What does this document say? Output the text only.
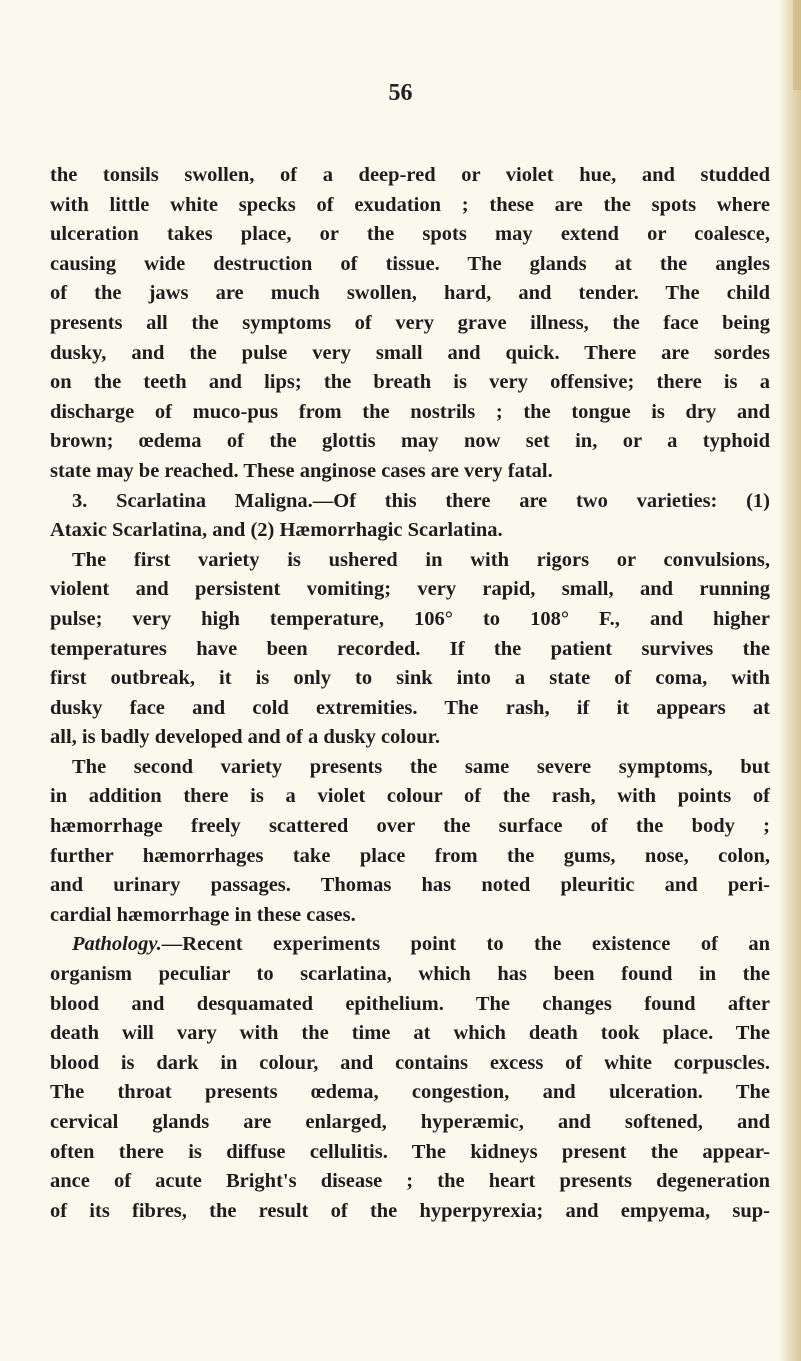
56
the tonsils swollen, of a deep-red or violet hue, and studded
with little white specks of exudation ; these are the spots where
ulceration takes place, or the spots may extend or coalesce,
causing wide destruction of tissue. The glands at the angles
of the jaws are much swollen, hard, and tender. The child
presents all the symptoms of very grave illness, the face being
dusky, and the pulse very small and quick. There are sordes
on the teeth and lips; the breath is very offensive; there is a
discharge of muco-pus from the nostrils ; the tongue is dry and
brown; œdema of the glottis may now set in, or a typhoid
state may be reached. These anginose cases are very fatal.
3. Scarlatina Maligna.—Of this there are two varieties: (1)
Ataxic Scarlatina, and (2) Hæmorrhagic Scarlatina.
The first variety is ushered in with rigors or convulsions,
violent and persistent vomiting; very rapid, small, and running
pulse; very high temperature, 106° to 108° F., and higher
temperatures have been recorded. If the patient survives the
first outbreak, it is only to sink into a state of coma, with
dusky face and cold extremities. The rash, if it appears at
all, is badly developed and of a dusky colour.
The second variety presents the same severe symptoms, but
in addition there is a violet colour of the rash, with points of
hæmorrhage freely scattered over the surface of the body ;
further hæmorrhages take place from the gums, nose, colon,
and urinary passages. Thomas has noted pleuritic and peri-
cardial hæmorrhage in these cases.
Pathology.—Recent experiments point to the existence of an
organism peculiar to scarlatina, which has been found in the
blood and desquamated epithelium. The changes found after
death will vary with the time at which death took place. The
blood is dark in colour, and contains excess of white corpuscles.
The throat presents œdema, congestion, and ulceration. The
cervical glands are enlarged, hyperæmic, and softened, and
often there is diffuse cellulitis. The kidneys present the appear-
ance of acute Bright's disease ; the heart presents degeneration
of its fibres, the result of the hyperpyrexia; and empyema, sup-
